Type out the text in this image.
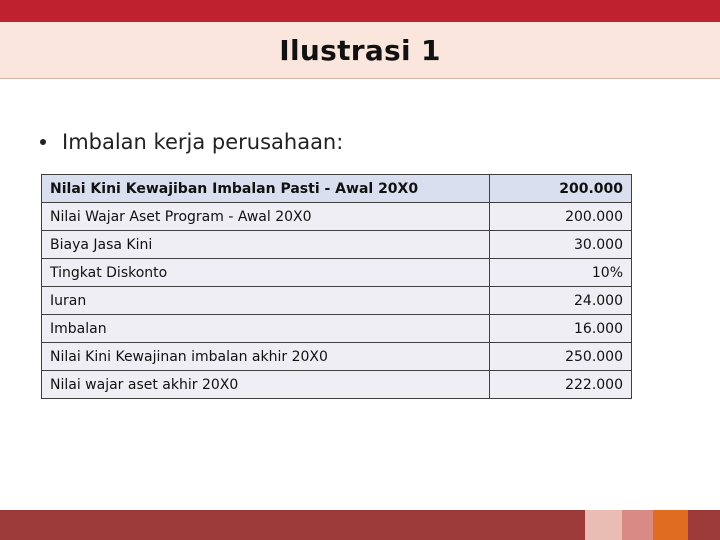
Ilustrasi 1
Imbalan kerja perusahaan:
Nilai Kini Kewajiban Imbalan Pasti - Awal 20X0	200.000
Nilai Wajar Aset Program - Awal 20X0	200.000
Biaya Jasa Kini	30.000
Tingkat Diskonto	10%
Iuran	24.000
Imbalan	16.000
Nilai Kini Kewajinan imbalan akhir 20X0	250.000
Nilai wajar aset akhir 20X0	222.000
